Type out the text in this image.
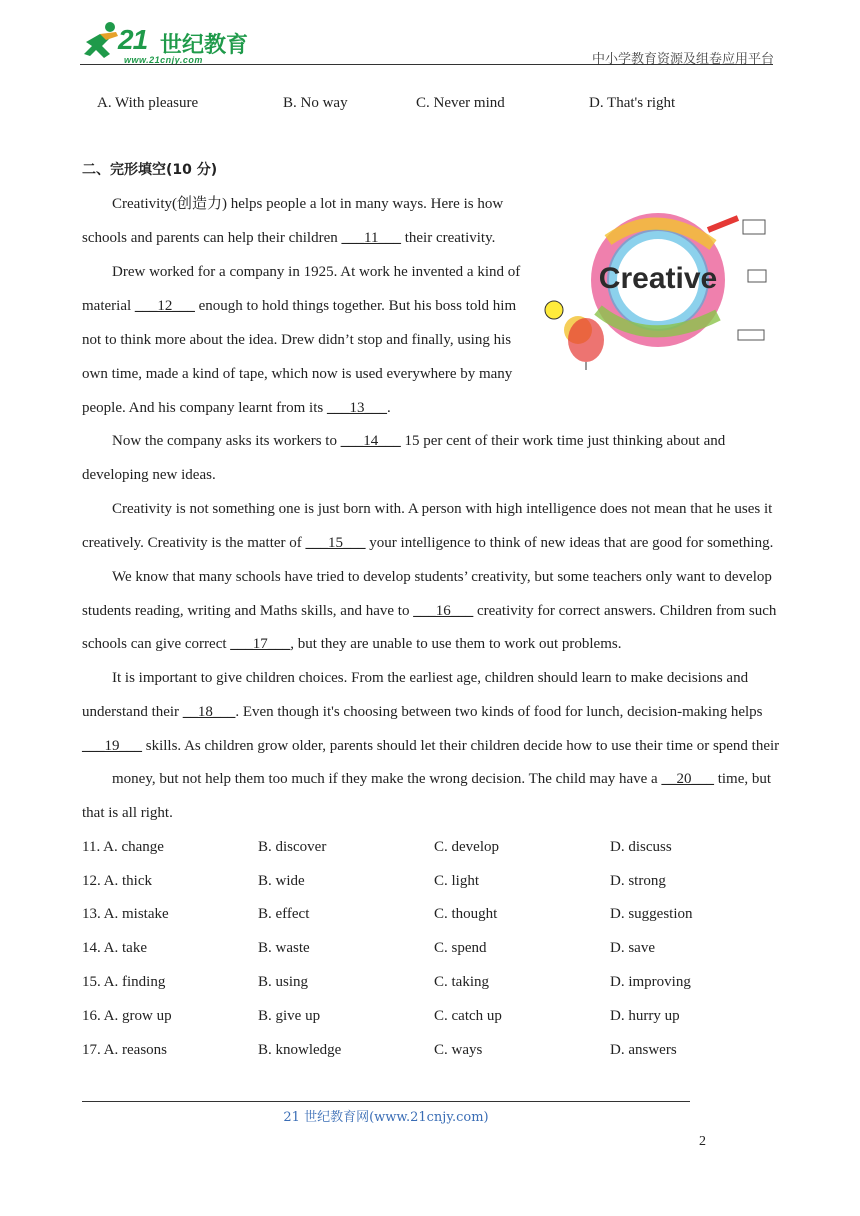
21 世纪教育
www.21cnjy.com	中小学教育资源及组卷应用平台
A. With pleasure	B. No way	C. Never mind	D. That's right
二、完形填空(10 分)
Creative
Creativity(创造力) helps people a lot in many ways. Here is how
schools and parents can help their children ___11___ their creativity.
Drew worked for a company in 1925. At work he invented a kind of
material ___12___ enough to hold things together. But his boss told him
not to think more about the idea. Drew didn’t stop and finally, using his
own time, made a kind of tape, which now is used everywhere by many
people. And his company learnt from its ___13___.
Now the company asks its workers to ___14___ 15 per cent of their work time just thinking about and
developing new ideas.
Creativity is not something one is just born with. A person with high intelligence does not mean that he uses it
creatively. Creativity is the matter of ___15___ your intelligence to think of new ideas that are good for something.
We know that many schools have tried to develop students’ creativity, but some teachers only want to develop
students reading, writing and Maths skills, and have to ___16___ creativity for correct answers. Children from such
schools can give correct ___17___, but they are unable to use them to work out problems.
It is important to give children choices. From the earliest age, children should learn to make decisions and
understand their __18___. Even though it's choosing between two kinds of food for lunch, decision-making helps
___19___ skills. As children grow older, parents should let their children decide how to use their time or spend their
money, but not help them too much if they make the wrong decision. The child may have a __20___ time, but
that is all right.
11. A. change	B. discover	C. develop	D. discuss
12. A. thick	B. wide	C. light	D. strong
13. A. mistake	B. effect	C. thought	D. suggestion
14. A. take	B. waste	C. spend	D. save
15. A. finding	B. using	C. taking	D. improving
16. A. grow up	B. give up	C. catch up	D. hurry up
17. A. reasons	B. knowledge	C. ways	D. answers
21 世纪教育网(www.21cnjy.com)
2
